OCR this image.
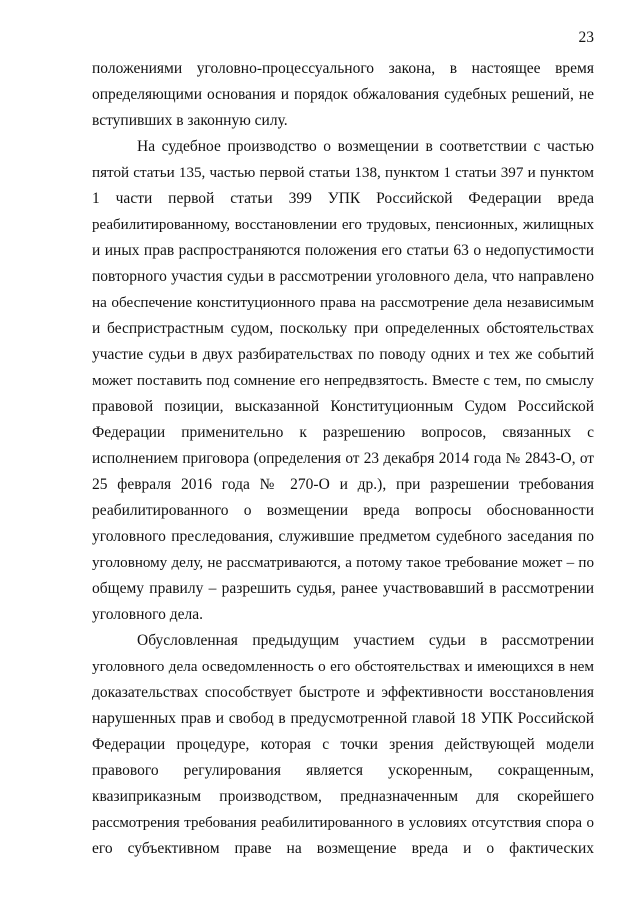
23

положениями уголовно-процессуального закона, в настоящее время
определяющими основания и порядок обжалования судебных решений, не
вступивших в законную силу.

На судебное производство о возмещении в соответствии с частью
пятой статьи 135, частью первой статьи 138, пунктом 1 статьи 397 и пунктом
1 части первой статьи 399 УПК Российской Федерации вреда
реабилитированному, восстановлении его трудовых, пенсионных, жилищных
и иных прав распространяются положения его статьи 63 о недопустимости
повторного участия судьи в рассмотрении уголовного дела, что направлено
на обеспечение конституционного права на рассмотрение дела независимым
и беспристрастным судом, поскольку при определенных обстоятельствах
участие судьи в двух разбирательствах по поводу одних и тех же событий
может поставить под сомнение его непредвзятость. Вместе с тем, по смыслу
правовой позиции, высказанной Конституционным Судом Российской
Федерации применительно к разрешению вопросов, связанных с
исполнением приговора (определения от 23 декабря 2014 года № 2843-О, от
25 февраля 2016 года № 270-О и др.), при разрешении требования
реабилитированного о возмещении вреда вопросы обоснованности
уголовного преследования, служившие предметом судебного заседания по
уголовному делу, не рассматриваются, а потому такое требование может – по
общему правилу – разрешить судья, ранее участвовавший в рассмотрении
уголовного дела.

Обусловленная предыдущим участием судьи в рассмотрении
уголовного дела осведомленность о его обстоятельствах и имеющихся в нем
доказательствах способствует быстроте и эффективности восстановления
нарушенных прав и свобод в предусмотренной главой 18 УПК Российской
Федерации процедуре, которая с точки зрения действующей модели
правового регулирования является ускоренным, сокращенным,
квазиприказным производством, предназначенным для скорейшего
рассмотрения требования реабилитированного в условиях отсутствия спора о
его субъективном праве на возмещение вреда и о фактических
